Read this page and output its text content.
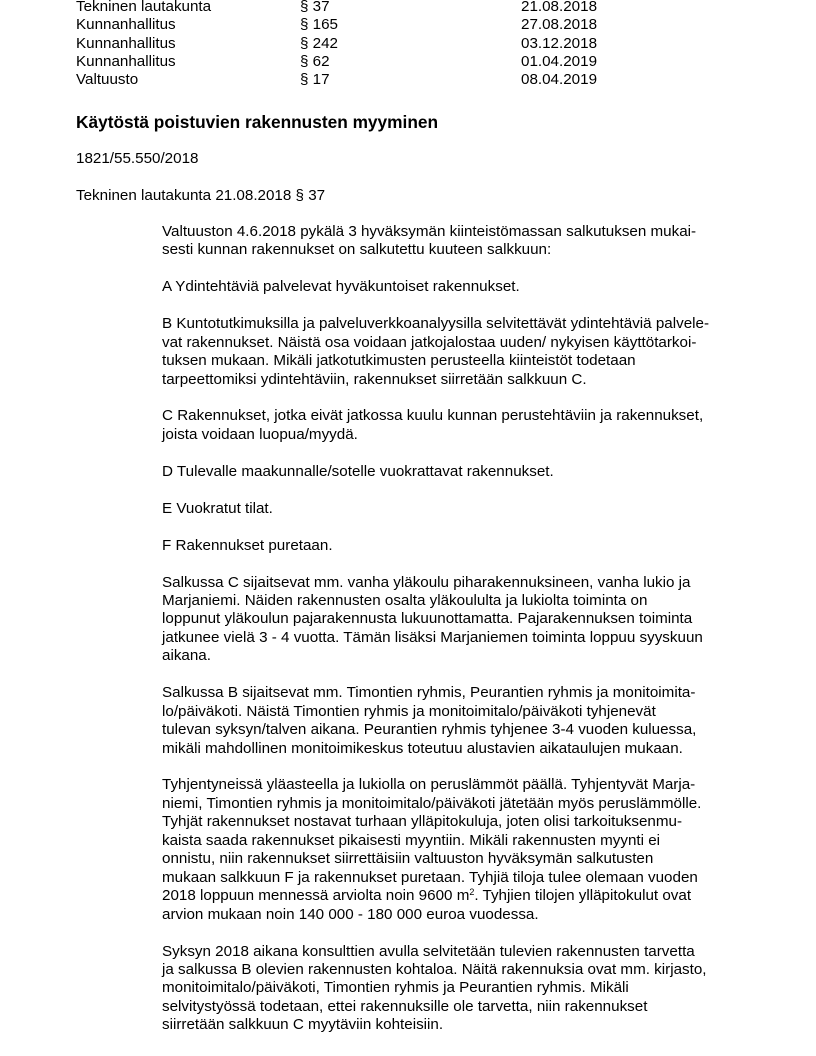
Tekninen lautakunta	§ 37	21.08.2018
Kunnanhallitus	§ 165	27.08.2018
Kunnanhallitus	§ 242	03.12.2018
Kunnanhallitus	§ 62	01.04.2019
Valtuusto	§ 17	08.04.2019
Käytöstä poistuvien rakennusten myyminen
1821/55.550/2018
Tekninen lautakunta 21.08.2018 § 37

Valtuuston 4.6.2018 pykälä 3 hyväksymän kiinteistömassan salkutuksen mukai-

sesti kunnan rakennukset on salkutettu kuuteen salkkuun:

A Ydintehtäviä palvelevat hyväkuntoiset rakennukset.

B Kuntotutkimuksilla ja palveluverkkoanalyysilla selvitettävät ydintehtäviä palvele-

vat rakennukset. Näistä osa voidaan jatkojalostaa uuden/ nykyisen käyttötarkoi-

tuksen mukaan. Mikäli jatkotutkimusten perusteella kiinteistöt todetaan

tarpeettomiksi ydintehtäviin, rakennukset siirretään salkkuun C.

C Rakennukset, jotka eivät jatkossa kuulu kunnan perustehtäviin ja rakennukset,

joista voidaan luopua/myydä.

D Tulevalle maakunnalle/sotelle vuokrattavat rakennukset.

E Vuokratut tilat.

F Rakennukset puretaan.

Salkussa C sijaitsevat mm. vanha yläkoulu piharakennuksineen, vanha lukio ja

Marjaniemi. Näiden rakennusten osalta yläkoululta ja lukiolta toiminta on

loppunut yläkoulun pajarakennusta lukuunottamatta. Pajarakennuksen toiminta

jatkunee vielä 3 - 4 vuotta. Tämän lisäksi Marjaniemen toiminta loppuu syyskuun

aikana.

Salkussa B sijaitsevat mm. Timontien ryhmis, Peurantien ryhmis ja monitoimita-

lo/päiväkoti. Näistä Timontien ryhmis ja monitoimitalo/päiväkoti tyhjenevät

tulevan syksyn/talven aikana. Peurantien ryhmis tyhjenee 3-4 vuoden kuluessa,

mikäli mahdollinen monitoimikeskus toteutuu alustavien aikataulujen mukaan.

Tyhjentyneissä yläasteella ja lukiolla on peruslämmöt päällä. Tyhjentyvät Marja-

niemi, Timontien ryhmis ja monitoimitalo/päiväkoti jätetään myös peruslämmölle.

Tyhjät rakennukset nostavat turhaan ylläpitokuluja, joten olisi tarkoituksenmu-

kaista saada rakennukset pikaisesti myyntiin. Mikäli rakennusten myynti ei

onnistu, niin rakennukset siirrettäisiin valtuuston hyväksymän salkutusten

mukaan salkkuun F ja rakennukset puretaan. Tyhjiä tiloja tulee olemaan vuoden

2018 loppuun mennessä arviolta noin 9600 $m^2$. Tyhjien tilojen ylläpitokulut ovat

arvion mukaan noin 140 000 - 180 000 euroa vuodessa.

Syksyn 2018 aikana konsulttien avulla selvitetään tulevien rakennusten tarvetta

ja salkussa B olevien rakennusten kohtaloa. Näitä rakennuksia ovat mm. kirjasto,

monitoimitalo/päiväkoti, Timontien ryhmis ja Peurantien ryhmis. Mikäli

selvitystyössä todetaan, ettei rakennuksille ole tarvetta, niin rakennukset

siirretään salkkuun C myytäviin kohteisiin.
